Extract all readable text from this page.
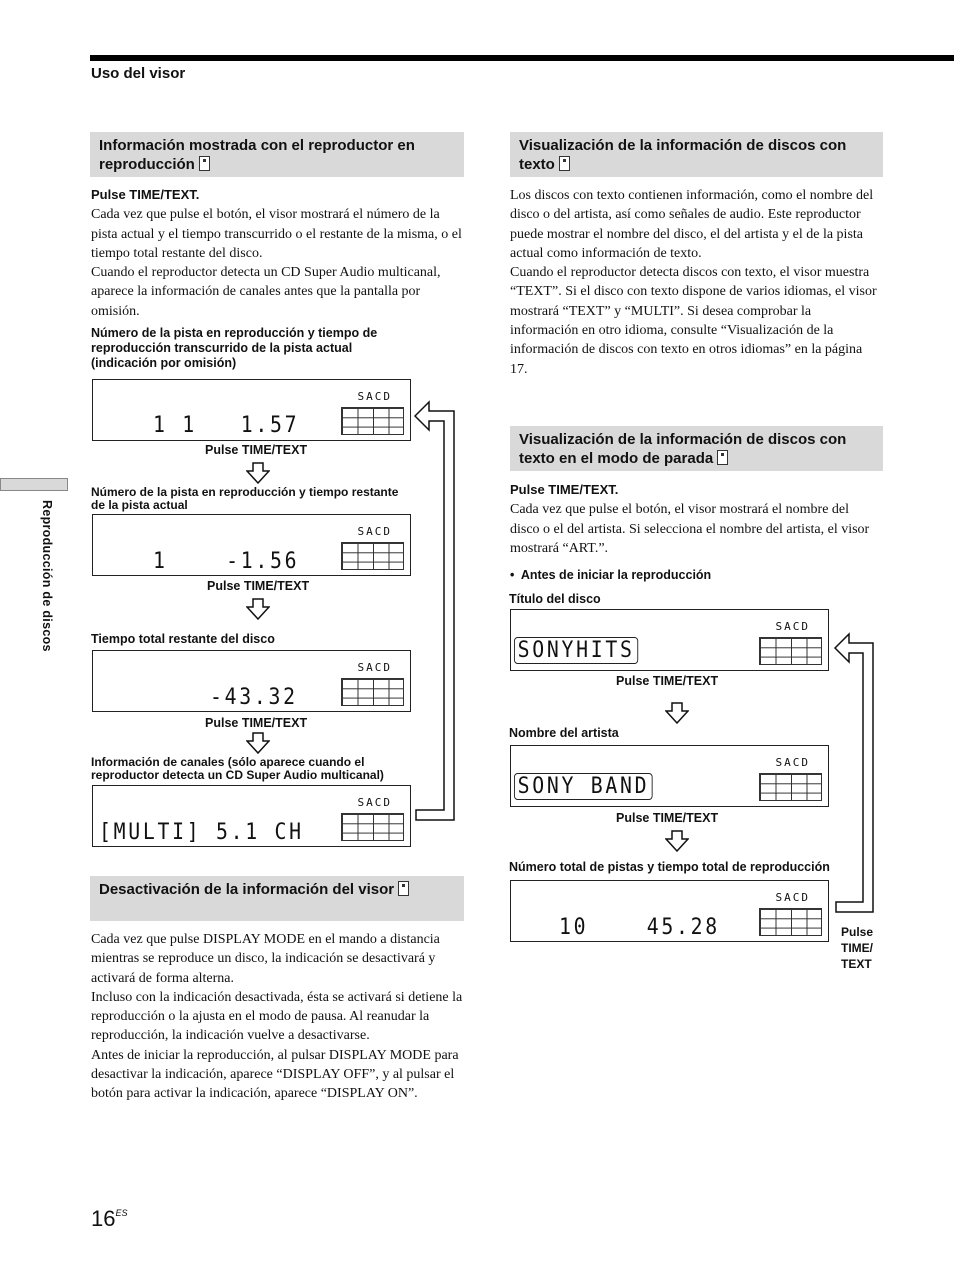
Uso del visor
Reproducción de discos
Información mostrada con el reproductor en reproducción
Pulse TIME/TEXT.
Cada vez que pulse el botón, el visor mostrará el número de la pista actual y el tiempo transcurrido o el restante de la misma, o el tiempo total restante del disco.
Cuando el reproductor detecta un CD Super Audio multicanal, aparece la información de canales antes que la pantalla por omisión.
Número de la pista en reproducción y tiempo de reproducción transcurrido de la pista actual (indicación por omisión)
SACD
1 1   1.57
Pulse TIME/TEXT
Número de la pista en reproducción y tiempo restante de la pista actual
SACD
1    -1.56
Pulse TIME/TEXT
Tiempo total restante del disco
SACD
-43.32
Pulse TIME/TEXT
Información de canales (sólo aparece cuando el reproductor detecta un CD Super Audio multicanal)
SACD
[MULTI] 5.1 CH
Desactivación de la información del visor
Cada vez que pulse DISPLAY MODE en el mando a distancia mientras se reproduce un disco, la indicación se desactivará y activará de forma alterna.
Incluso con la indicación desactivada, ésta se activará si detiene la reproducción o la ajusta en el modo de pausa. Al reanudar la reproducción, la indicación vuelve a desactivarse.
Antes de iniciar la reproducción, al pulsar DISPLAY MODE para desactivar la indicación, aparece “DISPLAY OFF”, y al pulsar el botón para activar la indicación, aparece “DISPLAY ON”.
Visualización de la información de discos con texto
Los discos con texto contienen información, como el nombre del disco o del artista, así como señales de audio. Este reproductor puede mostrar el nombre del disco, el del artista y el de la pista actual como información de texto.
Cuando el reproductor detecta discos con texto, el visor muestra “TEXT”. Si el disco con texto dispone de varios idiomas, el visor mostrará “TEXT” y “MULTI”. Si desea comprobar la información en otro idioma, consulte “Visualización de la información de discos con texto en otros idiomas” en la página 17.
Visualización de la información de discos con texto en el modo de parada
Pulse TIME/TEXT.
Cada vez que pulse el botón, el visor mostrará el nombre del disco o el del artista. Si selecciona el nombre del artista, el visor mostrará “ART.”.
•  Antes de iniciar la reproducción
Título del disco
SACD
SONYHITS
Pulse TIME/TEXT
Nombre del artista
SACD
SONY BAND
Pulse TIME/TEXT
Número total de pistas y tiempo total de reproducción
SACD
10    45.28	Pulse
TIME/
TEXT
$16^{ES}$
